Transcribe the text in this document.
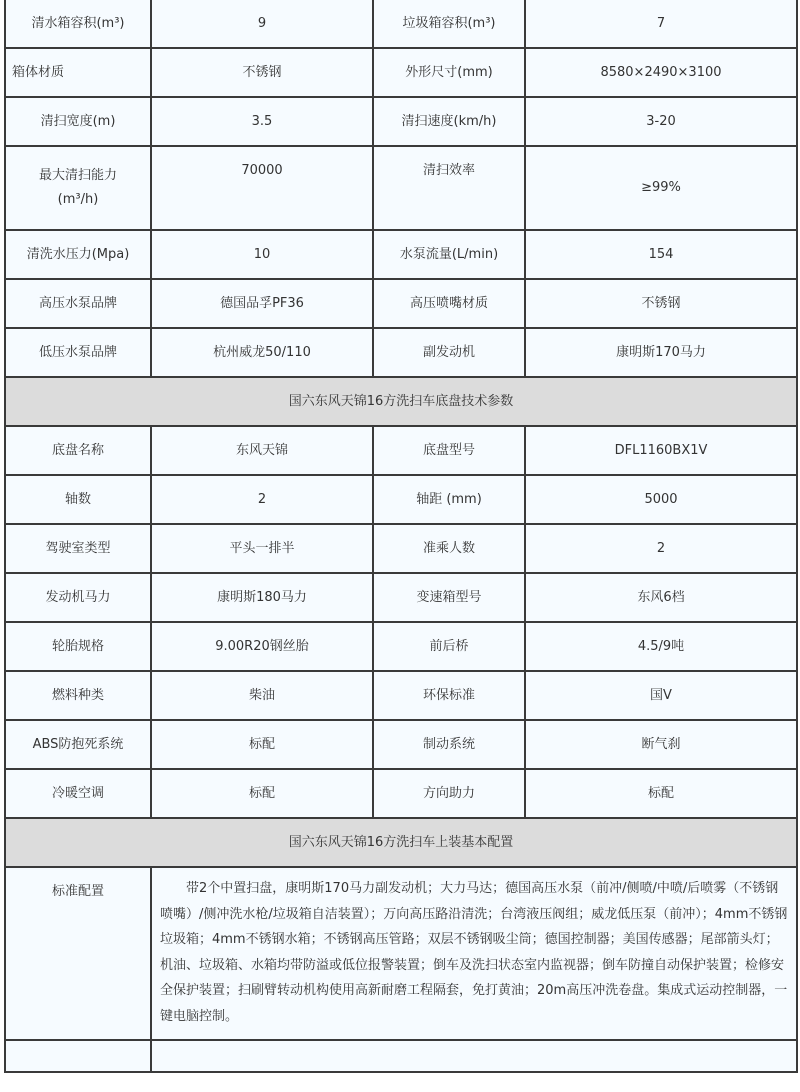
清水箱容积(m³)	9	垃圾箱容积(m³)	7
箱体材质	不锈钢	外形尺寸(mm)	8580×2490×3100
清扫宽度(m)	3.5	清扫速度(km/h)	3-20
最大清扫能力(m³/h)	70000	清扫效率	≥99%
清洗水压力(Mpa)	10	水泵流量(L/min)	154
高压水泵品牌	德国品孚PF36	高压喷嘴材质	不锈钢
低压水泵品牌	杭州威龙50/110	副发动机	康明斯170马力
国六东风天锦16方洗扫车底盘技术参数			
底盘名称	东风天锦	底盘型号	DFL1160BX1V
轴数	2	轴距 (mm)	5000
驾驶室类型	平头一排半	准乘人数	2
发动机马力	康明斯180马力	变速箱型号	东风6档
轮胎规格	9.00R20钢丝胎	前后桥	4.5/9吨
燃料种类	柴油	环保标准	国V
ABS防抱死系统	标配	制动系统	断气刹
冷暖空调	标配	方向助力	标配
国六东风天锦16方洗扫车上装基本配置			
标准配置	带2个中置扫盘，康明斯170马力副发动机；大力马达；德国高压水泵（前冲/侧喷/中喷/后喷雾（不锈钢喷嘴）/侧冲洗水枪/垃圾箱自洁装置）；万向高压路沿清洗；台湾液压阀组；威龙低压泵（前冲）；4mm不锈钢垃圾箱；4mm不锈钢水箱；不锈钢高压管路；双层不锈钢吸尘筒；德国控制器；美国传感器；尾部箭头灯；机油、垃圾箱、水箱均带防溢或低位报警装置；倒车及洗扫状态室内监视器；倒车防撞自动保护装置；检修安全保护装置；扫刷臂转动机构使用高新耐磨工程隔套，免打黄油；20m高压冲洗卷盘。集成式运动控制器，一键电脑控制。		
